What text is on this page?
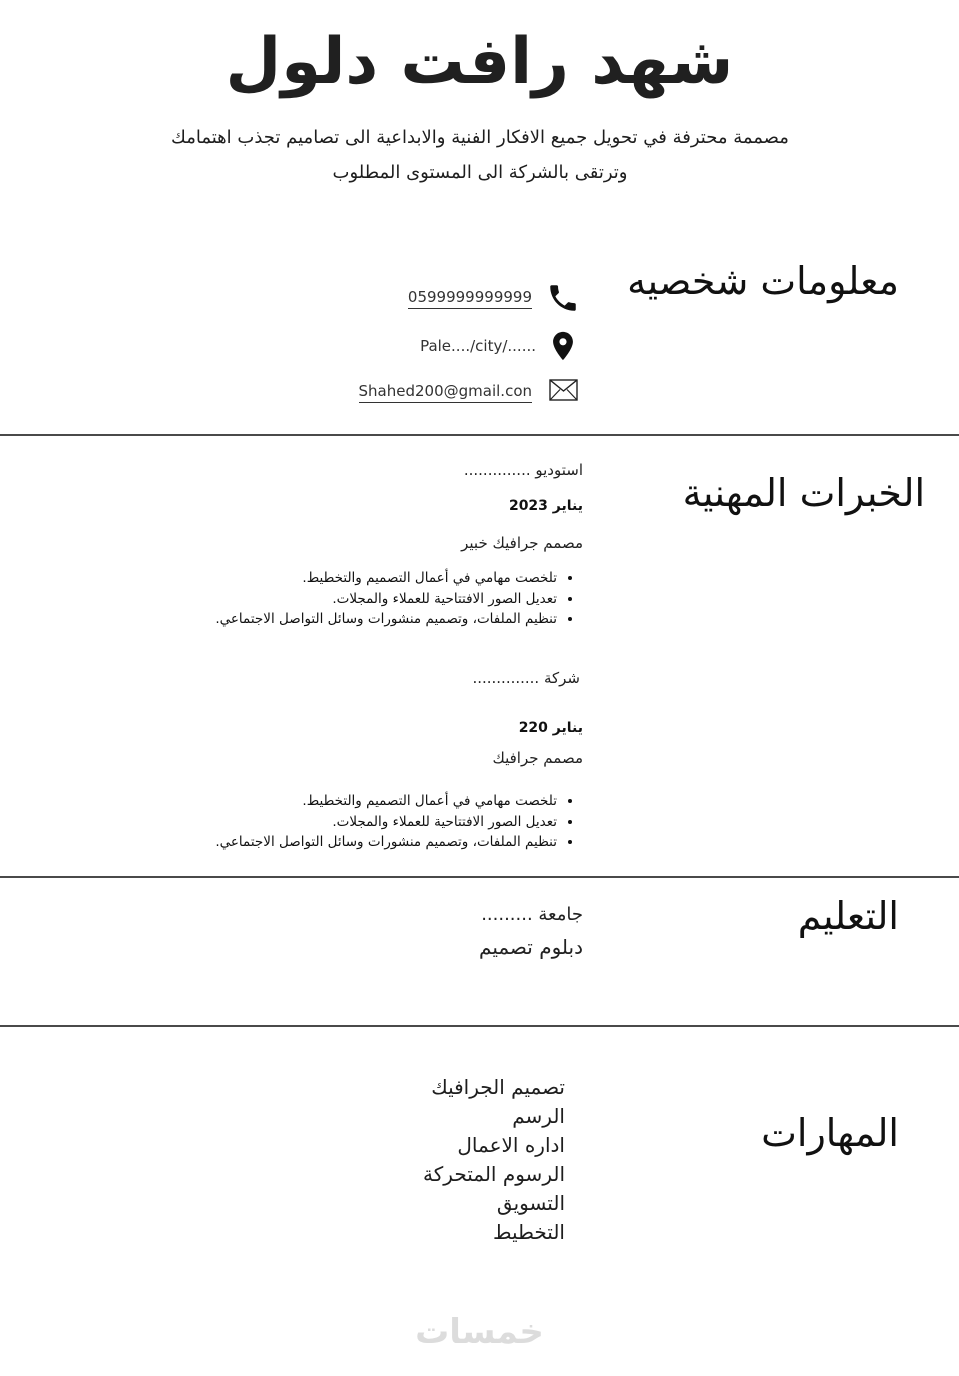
شهد رافت دلول
مصممة محترفة في تحويل جميع الافكار الفنية والابداعية الى تصاميم تجذب اهتمامك
وترتقى بالشركة الى المستوى المطلوب
معلومات شخصيه
0599999999999
Pale..../city/......
Shahed200@gmail.con
الخبرات المهنية
استوديو ..............
يناير 2023
مصمم جرافيك خبير
• تلخصت مهامي في أعمال التصميم والتخطيط.
• تعديل الصور الافتتاحية للعملاء والمجلات.
• تنظيم الملفات، وتصميم منشورات وسائل التواصل الاجتماعي.
شركة ..............
يناير 220
مصمم جرافيك
• تلخصت مهامي في أعمال التصميم والتخطيط.
• تعديل الصور الافتتاحية للعملاء والمجلات.
• تنظيم الملفات، وتصميم منشورات وسائل التواصل الاجتماعي.
التعليم
جامعة .........
دبلوم تصميم
المهارات
تصميم الجرافيك
الرسم
اداره الاعمال
الرسوم المتحركة
التسويق
التخطيط
خمسات
